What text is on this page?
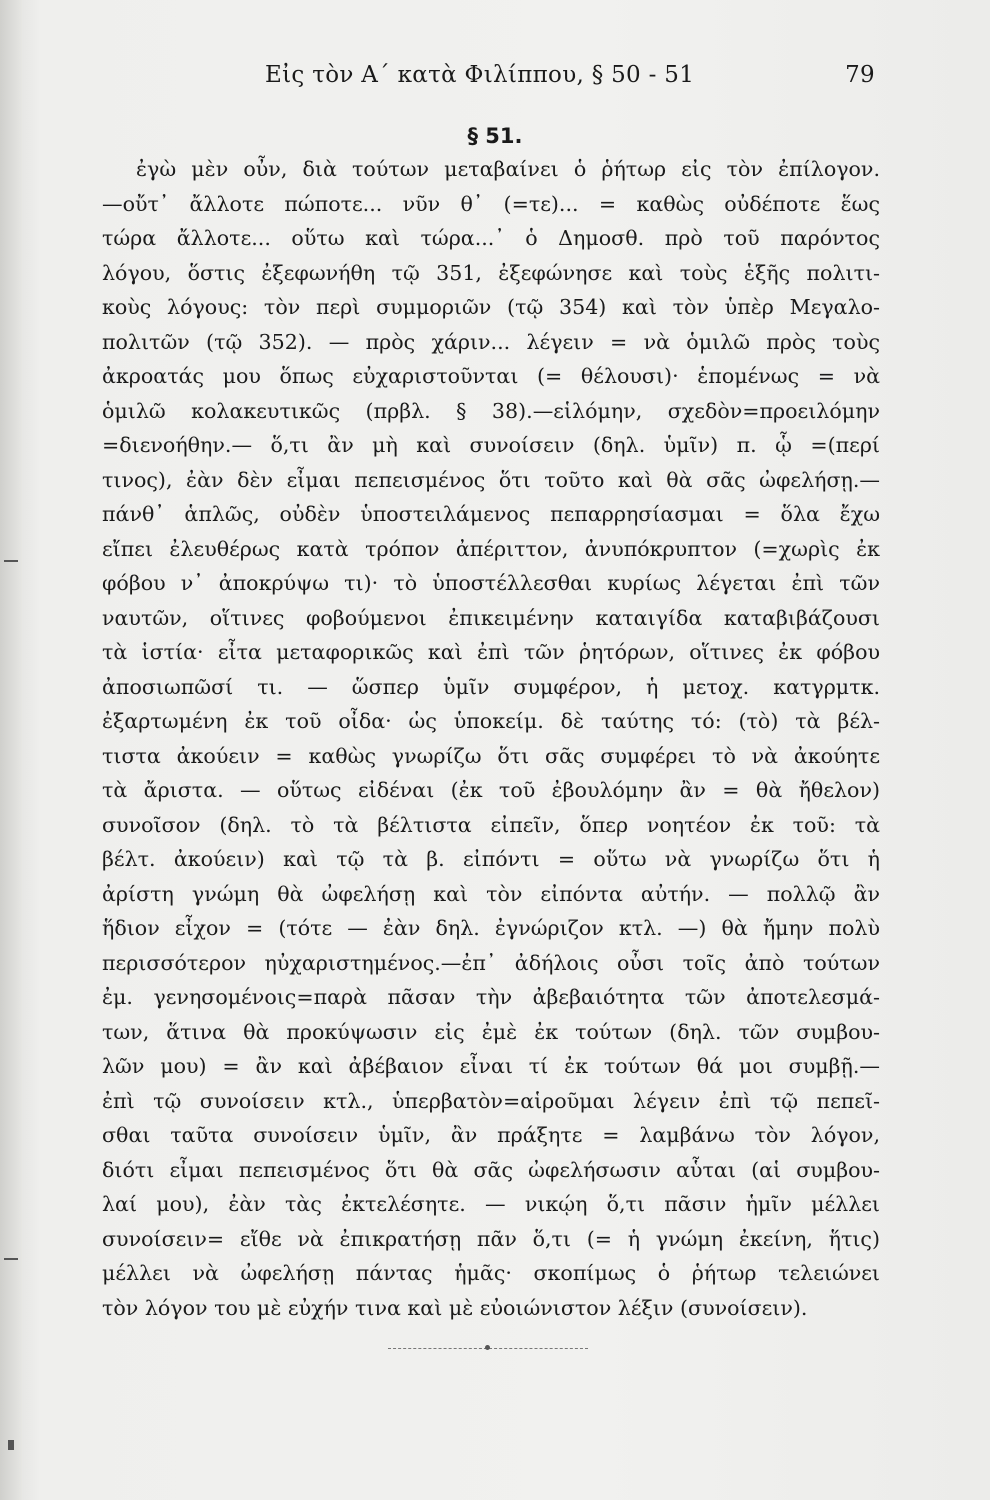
Εἰς τὸν Α΄ κατὰ Φιλίππου, § 50 - 51	79
§ 51.
ἐγὼ μὲν οὖν, διὰ τούτων μεταβαίνει ὁ ῥήτωρ εἰς τὸν ἐπίλογον.
—οὔτ᾽ ἄλλοτε πώποτε... νῦν θ᾽ (=τε)... = καθὼς οὐδέποτε ἕως
τώρα ἄλλοτε... οὕτω καὶ τώρα...᾽ ὁ Δημοσθ. πρὸ τοῦ παρόντος
λόγου, ὅστις ἐξεφωνήθη τῷ 351, ἐξεφώνησε καὶ τοὺς ἑξῆς πολιτι-
κοὺς λόγους: τὸν περὶ συμμοριῶν (τῷ 354) καὶ τὸν ὑπὲρ Μεγαλο-
πολιτῶν (τῷ 352). — πρὸς χάριν... λέγειν = νὰ ὁμιλῶ πρὸς τοὺς
ἀκροατάς μου ὅπως εὐχαριστοῦνται (= θέλουσι)· ἑπομένως = νὰ
ὁμιλῶ κολακευτικῶς (πρβλ. § 38).—εἱλόμην, σχεδὸν=προειλόμην
=διενοήθην.— ὅ,τι ἂν μὴ καὶ συνοίσειν (δηλ. ὑμῖν) π. ᾧ =(περί
τινος), ἐὰν δὲν εἶμαι πεπεισμένος ὅτι τοῦτο καὶ θὰ σᾶς ὠφελήσῃ.—
πάνθ᾽ ἁπλῶς, οὐδὲν ὑποστειλάμενος πεπαρρησίασμαι = ὅλα ἔχω
εἴπει ἐλευθέρως κατὰ τρόπον ἀπέριττον, ἀνυπόκρυπτον (=χωρὶς ἐκ
φόβου ν᾽ ἀποκρύψω τι)· τὸ ὑποστέλλεσθαι κυρίως λέγεται ἐπὶ τῶν
ναυτῶν, οἵτινες φοβούμενοι ἐπικειμένην καταιγίδα καταβιβάζουσι
τὰ ἱστία· εἶτα μεταφορικῶς καὶ ἐπὶ τῶν ῥητόρων, οἵτινες ἐκ φόβου
ἀποσιωπῶσί τι. — ὥσπερ ὑμῖν συμφέρον, ἡ μετοχ. κατγρμτκ.
ἐξαρτωμένη ἐκ τοῦ οἶδα· ὡς ὑποκείμ. δὲ ταύτης τό: (τὸ) τὰ βέλ-
τιστα ἀκούειν = καθὼς γνωρίζω ὅτι σᾶς συμφέρει τὸ νὰ ἀκούητε
τὰ ἄριστα. — οὕτως εἰδέναι (ἐκ τοῦ ἐβουλόμην ἂν = θὰ ἤθελον)
συνοῖσον (δηλ. τὸ τὰ βέλτιστα εἰπεῖν, ὅπερ νοητέον ἐκ τοῦ: τὰ
βέλτ. ἀκούειν) καὶ τῷ τὰ β. εἰπόντι = οὕτω νὰ γνωρίζω ὅτι ἡ
ἀρίστη γνώμη θὰ ὠφελήσῃ καὶ τὸν εἰπόντα αὐτήν. — πολλῷ ἂν
ἥδιον εἶχον = (τότε — ἐὰν δηλ. ἐγνώριζον κτλ. —) θὰ ἤμην πολὺ
περισσότερον ηὐχαριστημένος.—ἐπ᾽ ἀδήλοις οὖσι τοῖς ἀπὸ τούτων
ἐμ. γενησομένοις=παρὰ πᾶσαν τὴν ἀβεβαιότητα τῶν ἀποτελεσμά-
των, ἅτινα θὰ προκύψωσιν εἰς ἐμὲ ἐκ τούτων (δηλ. τῶν συμβου-
λῶν μου) = ἂν καὶ ἀβέβαιον εἶναι τί ἐκ τούτων θά μοι συμβῇ.—
ἐπὶ τῷ συνοίσειν κτλ., ὑπερβατὸν=αἱροῦμαι λέγειν ἐπὶ τῷ πεπεῖ-
σθαι ταῦτα συνοίσειν ὑμῖν, ἂν πράξητε = λαμβάνω τὸν λόγον,
διότι εἶμαι πεπεισμένος ὅτι θὰ σᾶς ὠφελήσωσιν αὗται (αἱ συμβου-
λαί μου), ἐὰν τὰς ἐκτελέσητε. — νικῴη ὅ,τι πᾶσιν ἡμῖν μέλλει
συνοίσειν= εἴθε νὰ ἐπικρατήσῃ πᾶν ὅ,τι (= ἡ γνώμη ἐκείνη, ἥτις)
μέλλει νὰ ὠφελήσῃ πάντας ἡμᾶς· σκοπίμως ὁ ῥήτωρ τελειώνει
τὸν λόγον του μὲ εὐχήν τινα καὶ μὲ εὐοιώνιστον λέξιν (συνοίσειν).
